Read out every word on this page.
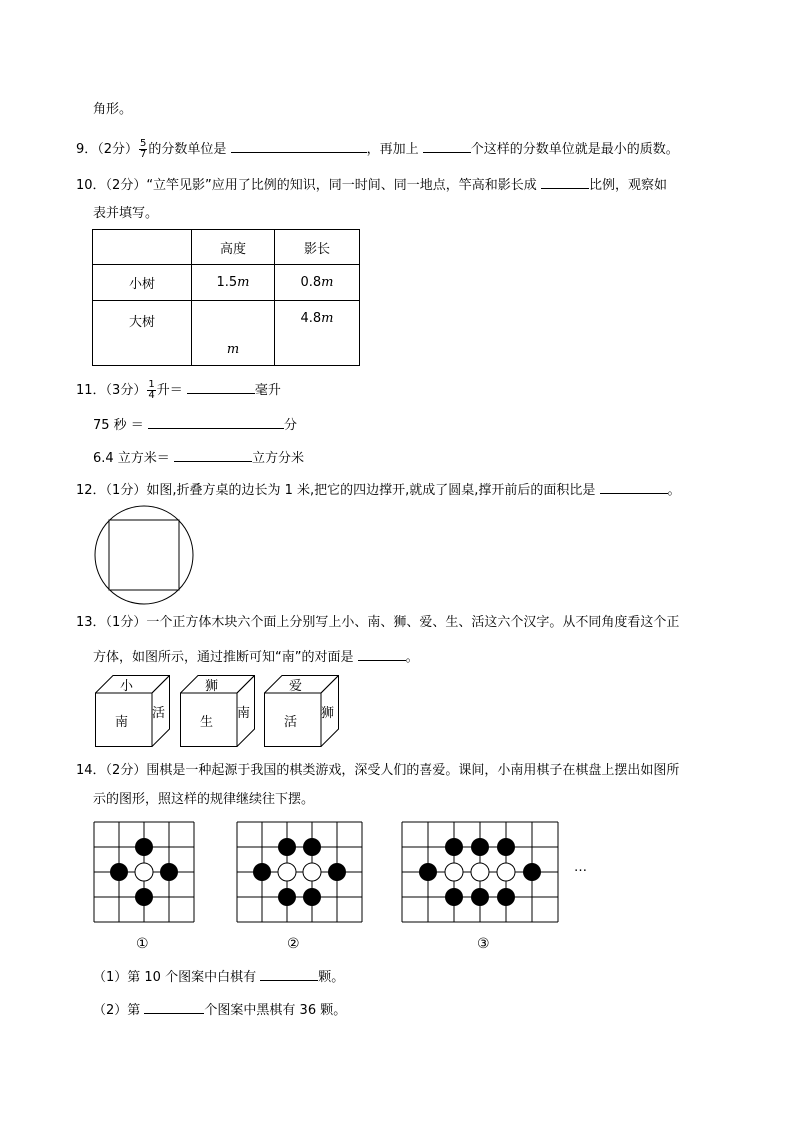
角形。
9．（2分） $\frac{5}{7}$ 的分数单位是	，再加上	个这样的分数单位就是最小的质数。
10．（2分）“立竿见影”应用了比例的知识，同一时间、同一地点，竿高和影长成	比例，观察如
表并填写。
	高度	影长
小树	1.5m	0.8m
大树	m	4.8m
11．（3分） $\frac{1}{4}$ 升＝	毫升
75 秒 ＝	分
6.4 立方米＝	立方分米
12．（1分）如图,折叠方桌的边长为 1 米,把它的四边撑开,就成了圆桌,撑开前后的面积比是	。
13．（1分）一个正方体木块六个面上分别写上小、南、狮、爱、生、活这六个汉字。从不同角度看这个正
方体，如图所示，通过推断可知“南”的对面是	。
小
南
活
狮
生
南
爱
活
狮
14．（2分）围棋是一种起源于我国的棋类游戏，深受人们的喜爱。课间，小南用棋子在棋盘上摆出如图所
示的图形，照这样的规律继续往下摆。
…
①	②	③
（1）第 10 个图案中白棋有	颗。
（2）第	个图案中黑棋有 36 颗。
